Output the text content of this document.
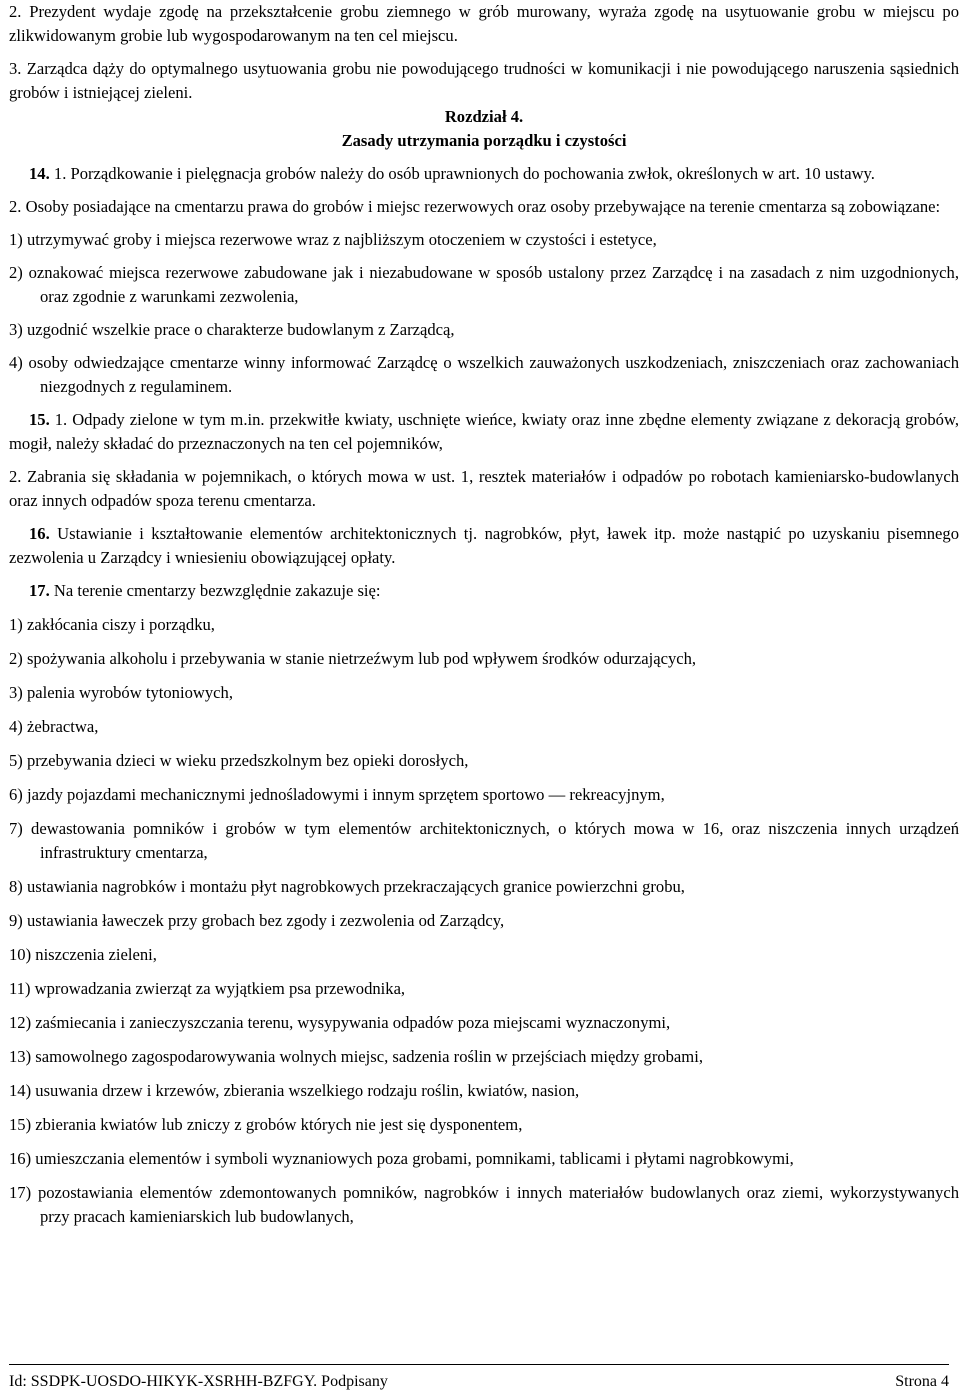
2. Prezydent wydaje zgodę na przekształcenie grobu ziemnego w grób murowany, wyraża zgodę na usytuowanie grobu w miejscu po zlikwidowanym grobie lub wygospodarowanym na ten cel miejscu.

3. Zarządca dąży do optymalnego usytuowania grobu nie powodującego trudności w komunikacji i nie powodującego naruszenia sąsiednich grobów i istniejącej zieleni.

Rozdział 4.

Zasady utrzymania porządku i czystości

14. 1. Porządkowanie i pielęgnacja grobów należy do osób uprawnionych do pochowania zwłok, określonych w art. 10 ustawy.

2. Osoby posiadające na cmentarzu prawa do grobów i miejsc rezerwowych oraz osoby przebywające na terenie cmentarza są zobowiązane:

1) utrzymywać groby i miejsca rezerwowe wraz z najbliższym otoczeniem w czystości i estetyce,

2) oznakować miejsca rezerwowe zabudowane jak i niezabudowane w sposób ustalony przez Zarządcę i na zasadach z nim uzgodnionych, oraz zgodnie z warunkami zezwolenia,

3) uzgodnić wszelkie prace o charakterze budowlanym z Zarządcą,

4) osoby odwiedzające cmentarze winny informować Zarządcę o wszelkich zauważonych uszkodzeniach, zniszczeniach oraz zachowaniach niezgodnych z regulaminem.

15. 1. Odpady zielone w tym m.in. przekwitłe kwiaty, uschnięte wieńce, kwiaty oraz inne zbędne elementy związane z dekoracją grobów, mogił, należy składać do przeznaczonych na ten cel pojemników,

2. Zabrania się składania w pojemnikach, o których mowa w ust. 1, resztek materiałów i odpadów po robotach kamieniarsko-budowlanych oraz innych odpadów spoza terenu cmentarza.

16. Ustawianie i kształtowanie elementów architektonicznych tj. nagrobków, płyt, ławek itp. może nastąpić po uzyskaniu pisemnego zezwolenia u Zarządcy i wniesieniu obowiązującej opłaty.

17. Na terenie cmentarzy bezwzględnie zakazuje się:

1) zakłócania ciszy i porządku,

2) spożywania alkoholu i przebywania w stanie nietrzeźwym lub pod wpływem środków odurzających,

3) palenia wyrobów tytoniowych,

4) żebractwa,

5) przebywania dzieci w wieku przedszkolnym bez opieki dorosłych,

6) jazdy pojazdami mechanicznymi jednośladowymi i innym sprzętem sportowo — rekreacyjnym,

7) dewastowania pomników i grobów w tym elementów architektonicznych, o których mowa w 16, oraz niszczenia innych urządzeń infrastruktury cmentarza,

8) ustawiania nagrobków i montażu płyt nagrobkowych przekraczających granice powierzchni grobu,

9) ustawiania ławeczek przy grobach bez zgody i zezwolenia od Zarządcy,

10) niszczenia zieleni,

11) wprowadzania zwierząt za wyjątkiem psa przewodnika,

12) zaśmiecania i zanieczyszczania terenu, wysypywania odpadów poza miejscami wyznaczonymi,

13) samowolnego zagospodarowywania wolnych miejsc, sadzenia roślin w przejściach między grobami,

14) usuwania drzew i krzewów, zbierania wszelkiego rodzaju roślin, kwiatów, nasion,

15) zbierania kwiatów lub zniczy z grobów których nie jest się dysponentem,

16) umieszczania elementów i symboli wyznaniowych poza grobami, pomnikami, tablicami i płytami nagrobkowymi,

17) pozostawiania elementów zdemontowanych pomników, nagrobków i innych materiałów budowlanych oraz ziemi, wykorzystywanych przy pracach kamieniarskich lub budowlanych,

Id: SSDPK-UOSDO-HIKYK-XSRHH-BZFGY. Podpisany	Strona 4
